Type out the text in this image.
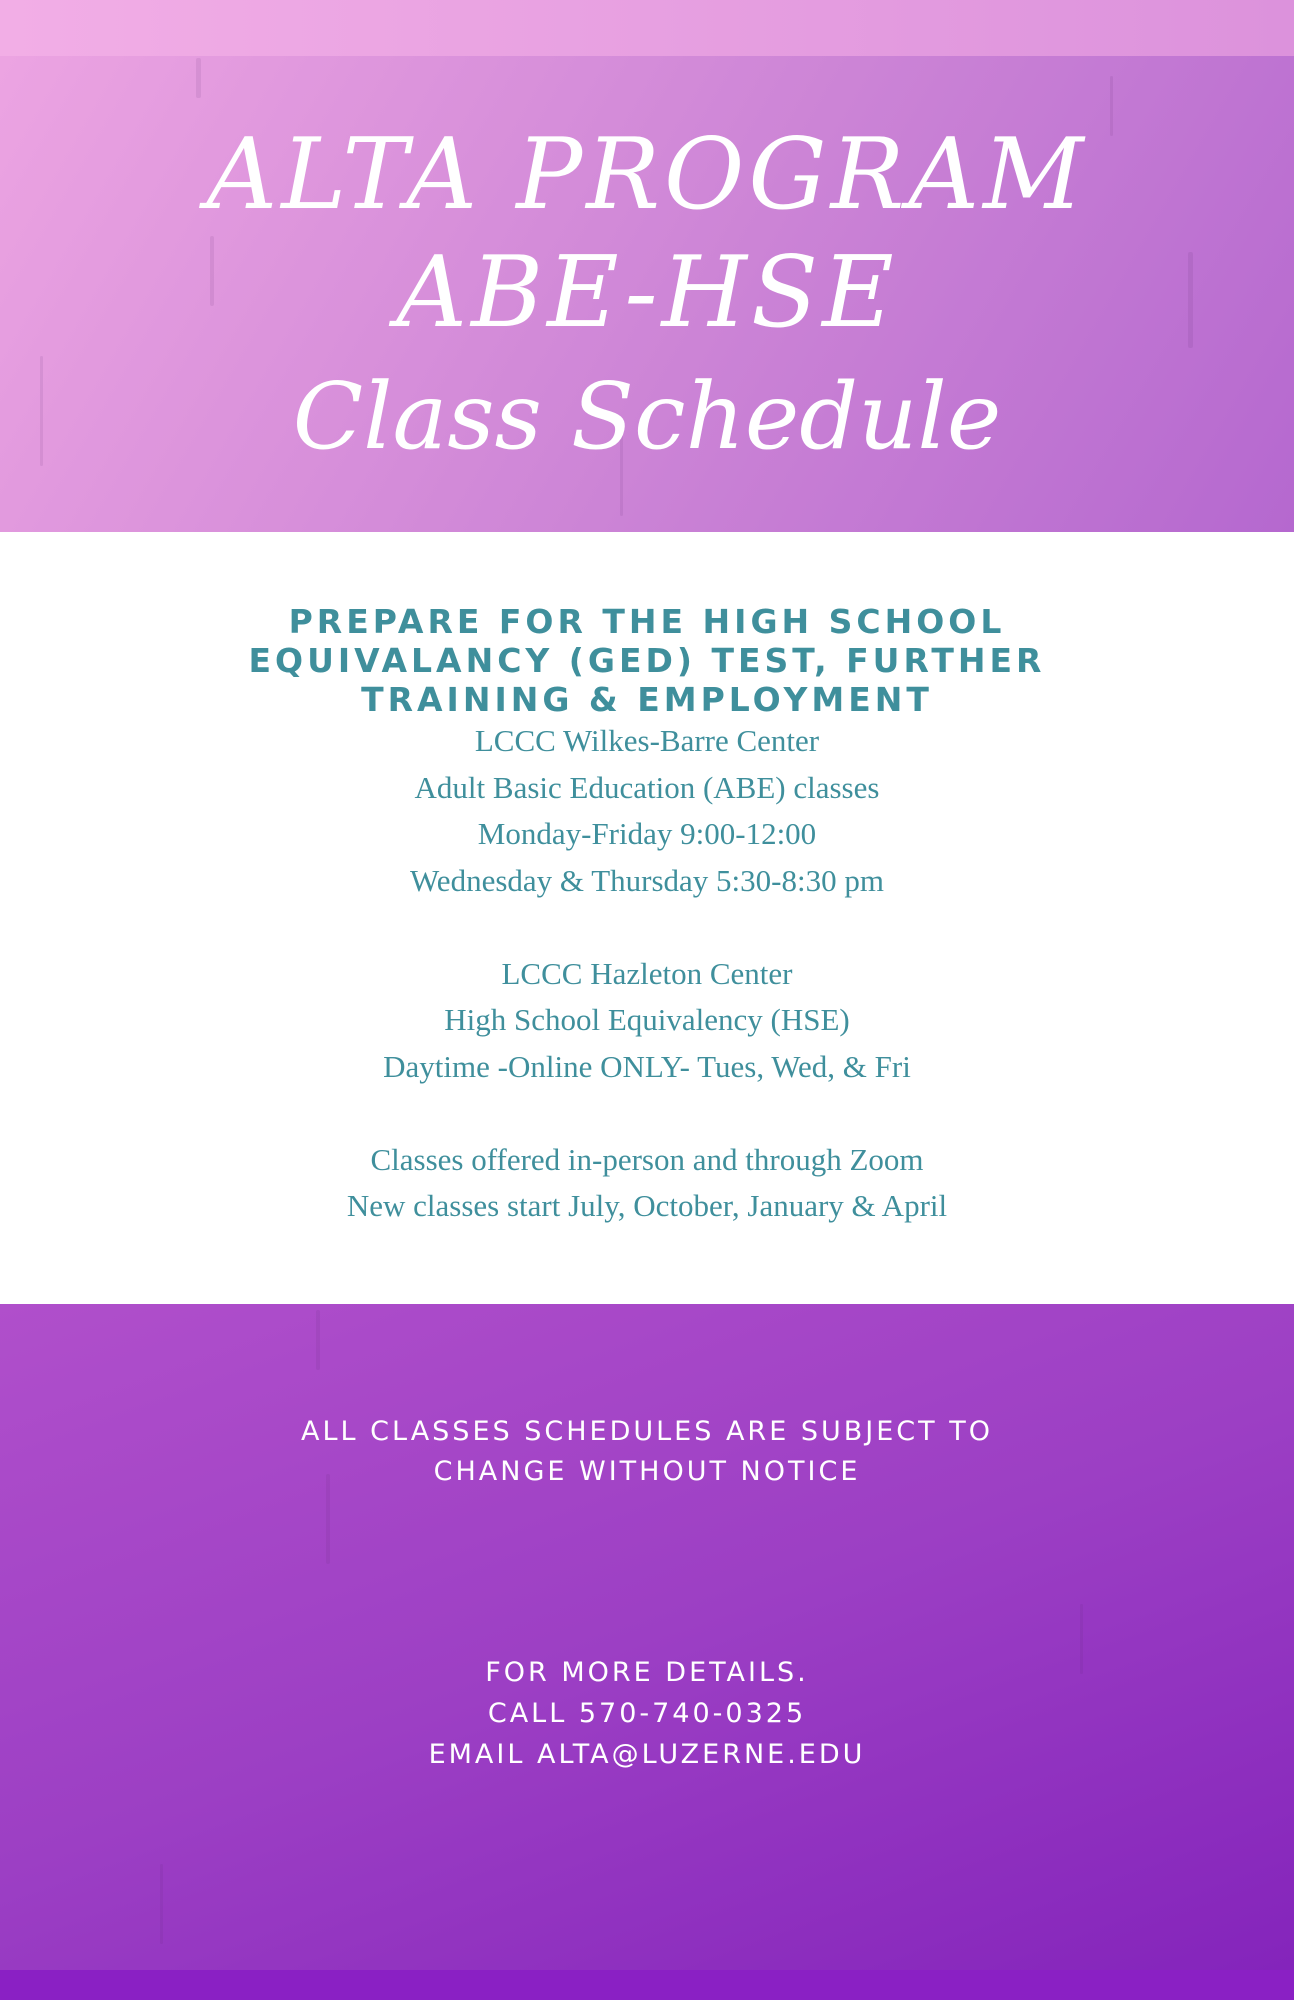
ALTA PROGRAM
ABE-HSE
Class Schedule
PREPARE FOR THE HIGH SCHOOL
EQUIVALANCY (GED) TEST, FURTHER
TRAINING & EMPLOYMENT
LCCC Wilkes-Barre Center
Adult Basic Education (ABE) classes
Monday-Friday 9:00-12:00
Wednesday & Thursday 5:30-8:30 pm
LCCC Hazleton Center
High School Equivalency (HSE)
Daytime -Online ONLY- Tues, Wed, & Fri
Classes offered in-person and through Zoom
New classes start July, October, January & April
ALL CLASSES SCHEDULES ARE SUBJECT TO
CHANGE WITHOUT NOTICE
FOR MORE DETAILS.
CALL 570-740-0325
EMAIL ALTA@LUZERNE.EDU
